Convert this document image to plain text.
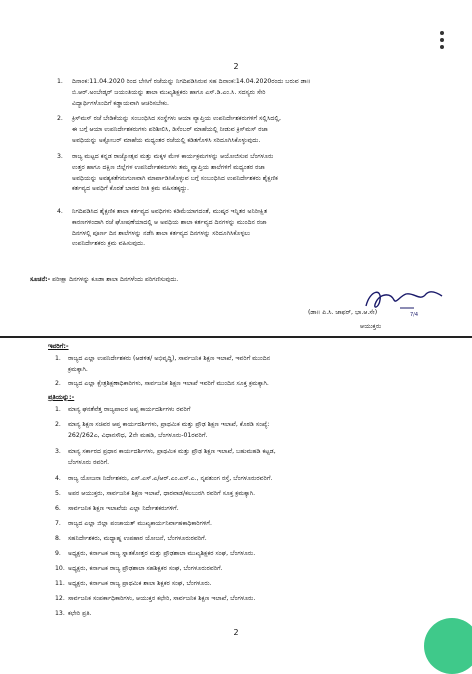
2
1. ದಿನಾಂಕ:11.04.2020 ರಿಂದ ಬೇಸಿಗೆ ರಜೆಯನ್ನು ನಿಗದಿಪಡಿಸಿರುವ ಸಹ ದಿನಾಂಕ:14.04.2020ರಂದು ಬರುವ ಡಾ॥
ಬಿ.ಆರ್.ಅಂಬೇಡ್ಕರ್ ಜಯಂತಿಯನ್ನು ಶಾಲಾ ಮುಖ್ಯಶಿಕ್ಷಕರು ಹಾಗೂ ಎಸ್.ಡಿ.ಎಂ.ಸಿ. ಸದಸ್ಯರು ಸೇರಿ
ವಿದ್ಯಾರ್ಥಿಗಳೊಂದಿಗೆ ಕಡ್ಡಾಯವಾಗಿ ಆಚರಿಸಬೇಕು.
2. ಕ್ರಿಸ್‌ಮಸ್ ರಜೆ ಬೇಡಿಕೆಯನ್ನು ಸಂಬಂಧಿಸಿದ ಸಂಸ್ಥೆಗಳು ಆಯಾ ವ್ಯಾಪ್ತಿಯ ಉಪನಿರ್ದೇಶಕರುಗಳಿಗೆ ಸಲ್ಲಿಸಿದಲ್ಲಿ,
ಈ ಬಗ್ಗೆ ಆಯಾ ಉಪನಿರ್ದೇಶಕರುಗಳು ಪರಿಶೀಲಿಸಿ, ಡಿಸೆಂಬರ್ ಮಾಹೆಯಲ್ಲಿ ನೀಡುವ ಕ್ರಿಸ್‌ಮಸ್ ರಜಾ
ಅವಧಿಯನ್ನು ಅಕ್ಟೋಬರ್ ಮಾಹೆಯ ಮಧ್ಯಂತರ ರಜೆಯಲ್ಲಿ ಕಡಿತಗೊಳಿಸಿ ಸರಿದೂಗಿಸಿಕೊಳ್ಳುವುದು.
3. ರಾಜ್ಯ ಮಟ್ಟದ ಕನ್ನಡ ರಾಜ್ಯೋತ್ಸವ ಮತ್ತು ಮಕ್ಕಳ ಮೇಳ ಕಾರ್ಯಕ್ರಮಗಳನ್ನು ಆಯೋಜಿಸುವ ಬೆಂಗಳೂರು
ಉತ್ತರ ಹಾಗೂ ದಕ್ಷಿಣ ಜಿಲ್ಲೆಗಳ ಉಪನಿರ್ದೇಶಕರುಗಳು ತಮ್ಮ ವ್ಯಾಪ್ತಿಯ ಶಾಲೆಗಳಿಗೆ ಮಧ್ಯಂತರ ರಜಾ
ಅವಧಿಯನ್ನು ಅವಶ್ಯಕತೆಗನುಗುಣವಾಗಿ ಮಾರ್ಪಾಡಿಸಿಕೊಳ್ಳುವ ಬಗ್ಗೆ ಸಂಬಂಧಿಸಿದ ಉಪನಿರ್ದೇಶಕರು ಶೈಕ್ಷಣಿಕ
ಕರ್ತವ್ಯದ ಅವಧಿಗೆ ಕೊರತೆ ಬಾರದ ರೀತಿ ಕ್ರಮ ವಹಿಸತಕ್ಕದ್ದು.
4. ನಿಗದಿಪಡಿಸಿದ ಶೈಕ್ಷಣಿಕ ಶಾಲಾ ಕರ್ತವ್ಯದ ಅವಧಿಗಳು ಕಡಿಮೆಯಾಗದಂತೆ, ಮುಷ್ಕರ ಇನ್ನಿತರ ಅನಿರೀಕ್ಷಿತ
ಕಾರಣಗಳಿಂದಾಗಿ ರಜೆ ಘೋಷಣೆಯಾದಲ್ಲಿ ಆ ಅವಧಿಯ ಶಾಲಾ ಕರ್ತವ್ಯದ ದಿನಗಳನ್ನು ಮುಂದಿನ ರಜಾ
ದಿನಗಳಲ್ಲಿ ಪೂರ್ಣ ದಿನ ಶಾಲೆಗಳನ್ನು ನಡೆಸಿ ಶಾಲಾ ಕರ್ತವ್ಯದ ದಿನಗಳನ್ನು ಸರಿದೂಗಿಸಿಕೊಳ್ಳಲು
ಉಪನಿರ್ದೇಶಕರು ಕ್ರಮ ವಹಿಸುವುದು.
ಸೂಚನೆ:- ಪರೀಕ್ಷಾ ದಿನಗಳನ್ನು ಕೂಡಾ ಶಾಲಾ ದಿನಗಳೆಂದು ಪರಿಗಣಿಸುವುದು.
7/4
(ಡಾ॥ ಪಿ.ಸಿ. ಜಾಫರ್, ಭಾ.ಆ.ಸೇ)
ಆಯುಕ್ತರು
ಇವರಿಗೆ:-
1. ರಾಜ್ಯದ ಎಲ್ಲಾ ಉಪನಿರ್ದೇಶಕರು (ಆಡಳಿತ/ ಅಭಿವೃದ್ಧಿ), ಸಾರ್ವಜನಿಕ ಶಿಕ್ಷಣ ಇಲಾಖೆ, ಇವರಿಗೆ ಮುಂದಿನ
ಕ್ರಮಕ್ಕಾಗಿ.
2. ರಾಜ್ಯದ ಎಲ್ಲಾ ಕ್ಷೇತ್ರಶಿಕ್ಷಣಾಧಿಕಾರಿಗಳು, ಸಾರ್ವಜನಿಕ ಶಿಕ್ಷಣ ಇಲಾಖೆ ಇವರಿಗೆ ಮುಂದಿನ ಸೂಕ್ತ ಕ್ರಮಕ್ಕಾಗಿ.
ಪ್ರತಿಯನ್ನು:-
1. ಮಾನ್ಯ ಘನತೆವೆತ್ತ ರಾಜ್ಯಪಾಲರ ಅಪ್ಪ ಕಾರ್ಯದರ್ಶಿಗಳು ರವರಿಗೆ
2. ಮಾನ್ಯ ಶಿಕ್ಷಣ ಸಚಿವರ ಆಪ್ತ ಕಾರ್ಯದರ್ಶಿಗಳು, ಪ್ರಾಥಮಿಕ ಮತ್ತು ಪ್ರೌಢ ಶಿಕ್ಷಣ ಇಲಾಖೆ, ಕೊಠಡಿ ಸಂಖ್ಯೆ:
262/262ಎ, ವಿಧಾನಸೌಧ, 2ನೇ ಮಹಡಿ, ಬೆಂಗಳೂರು-01ರವರಿಗೆ.
3. ಮಾನ್ಯ ಸರ್ಕಾರದ ಪ್ರಧಾನ ಕಾರ್ಯದರ್ಶಿಗಳು, ಪ್ರಾಥಮಿಕ ಮತ್ತು ಪ್ರೌಢ ಶಿಕ್ಷಣ ಇಲಾಖೆ, ಬಹುಮಹಡಿ ಕಟ್ಟಡ,
ಬೆಂಗಳೂರು ರವರಿಗೆ.
4. ರಾಜ್ಯ ಯೋಜನಾ ನಿರ್ದೇಶಕರು, ಎಸ್.ಎಸ್.ಎ/ಆರ್.ಎಂ.ಎಸ್.ಎ., ನೃಪತುಂಗ ರಸ್ತೆ, ಬೆಂಗಳೂರುರವರಿಗೆ.
5. ಅಪರ ಆಯುಕ್ತರು, ಸಾರ್ವಜನಿಕ ಶಿಕ್ಷಣ ಇಲಾಖೆ, ಧಾರವಾಡ/ಕಲಬುರಗಿ ರವರಿಗೆ ಸೂಕ್ತ ಕ್ರಮಕ್ಕಾಗಿ.
6. ಸಾರ್ವಜನಿಕ ಶಿಕ್ಷಣ ಇಲಾಖೆಯ ಎಲ್ಲಾ ನಿರ್ದೇಶಕರುಗಳಿಗೆ.
7. ರಾಜ್ಯದ ಎಲ್ಲಾ ಜಿಲ್ಲಾ ಪಂಚಾಯತ್ ಮುಖ್ಯಕಾರ್ಯನಿರ್ವಾಹಕಾಧಿಕಾರಿಗಳಿಗೆ.
8. ಸಹನಿರ್ದೇಶಕರು, ಮಧ್ಯಾಹ್ನ ಉಪಹಾರ ಯೋಜನೆ, ಬೆಂಗಳೂರುರವರಿಗೆ.
9. ಅಧ್ಯಕ್ಷರು, ಕರ್ನಾಟಕ ರಾಜ್ಯ ಸ್ನಾತಕೋತ್ತರ ಮತ್ತು ಪ್ರೌಢಶಾಲಾ ಮುಖ್ಯಶಿಕ್ಷಕರ ಸಂಘ, ಬೆಂಗಳೂರು.
10. ಅಧ್ಯಕ್ಷರು, ಕರ್ನಾಟಕ ರಾಜ್ಯ ಪ್ರೌಢಶಾಲಾ ಸಹಶಿಕ್ಷಕರ ಸಂಘ, ಬೆಂಗಳೂರುರವರಿಗೆ.
11. ಅಧ್ಯಕ್ಷರು, ಕರ್ನಾಟಕ ರಾಜ್ಯ ಪ್ರಾಥಮಿಕ ಶಾಲಾ ಶಿಕ್ಷಕರ ಸಂಘ, ಬೆಂಗಳೂರು.
12. ಸಾರ್ವಜನಿಕ ಸಂಪರ್ಕಾಧಿಕಾರಿಗಳು, ಆಯುಕ್ತರ ಕಛೇರಿ, ಸಾರ್ವಜನಿಕ ಶಿಕ್ಷಣ ಇಲಾಖೆ, ಬೆಂಗಳೂರು.
13. ಕಛೇರಿ ಪ್ರತಿ.
2
